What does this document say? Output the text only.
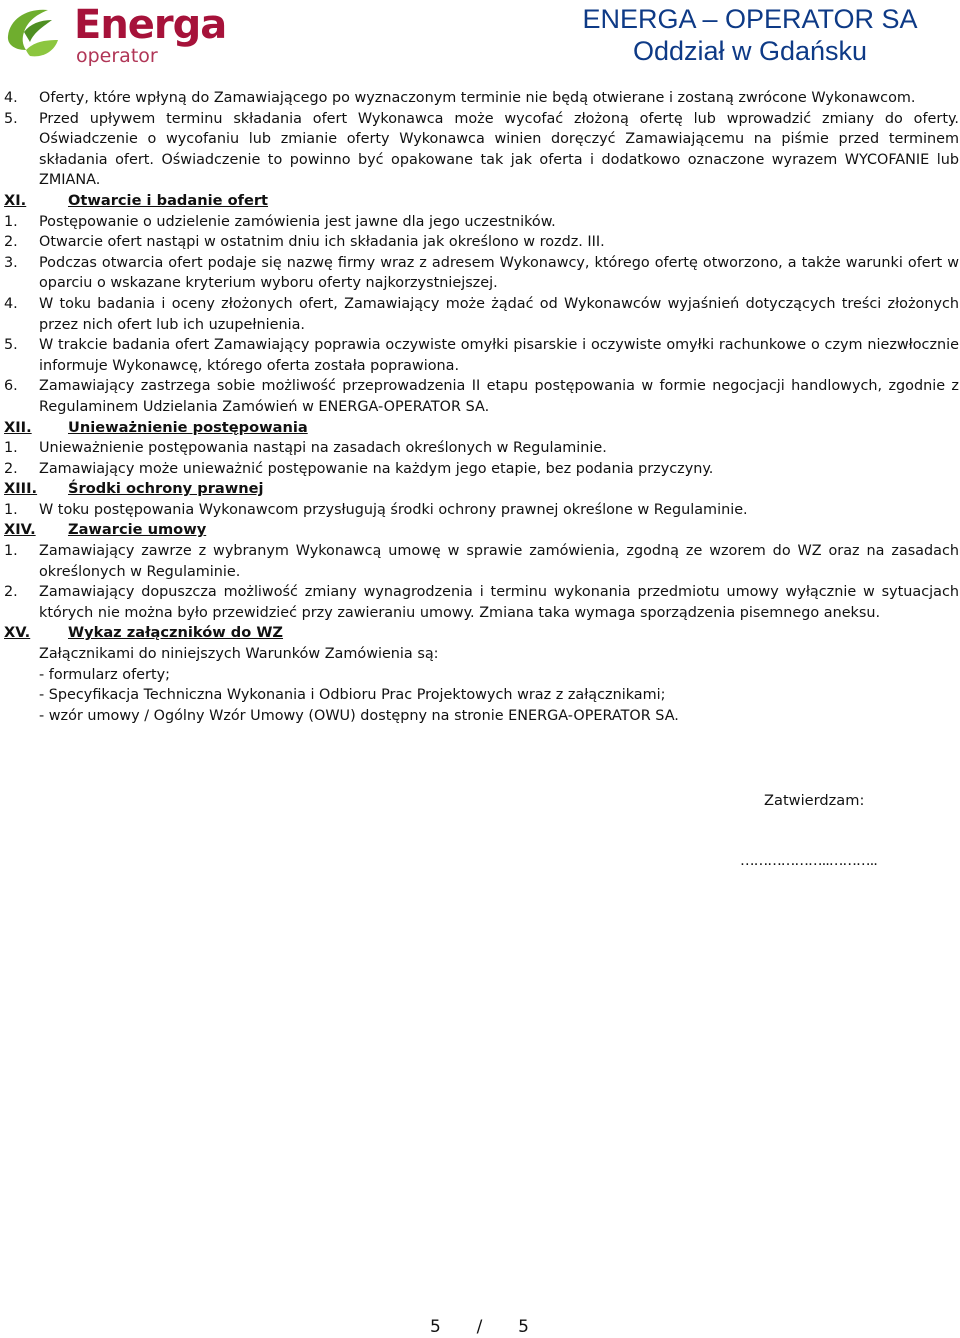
Energa
operator
ENERGA – OPERATOR SA
Oddział w Gdańsku
4. Oferty, które wpłyną do Zamawiającego po wyznaczonym terminie nie będą otwierane i zostaną zwrócone Wykonawcom.
5. Przed upływem terminu składania ofert Wykonawca może wycofać złożoną ofertę lub wprowadzić zmiany do oferty. Oświadczenie o wycofaniu lub zmianie oferty Wykonawca winien doręczyć Zamawiającemu na piśmie przed terminem składania ofert. Oświadczenie to powinno być opakowane tak jak oferta i dodatkowo oznaczone wyrazem WYCOFANIE lub ZMIANA.
XI.	Otwarcie i badanie ofert
1. Postępowanie o udzielenie zamówienia jest jawne dla jego uczestników.
2. Otwarcie ofert nastąpi w ostatnim dniu ich składania jak określono w rozdz. III.
3. Podczas otwarcia ofert podaje się nazwę firmy wraz z adresem Wykonawcy, którego ofertę otworzono, a także warunki ofert w oparciu o wskazane kryterium wyboru oferty najkorzystniejszej.
4. W toku badania i oceny złożonych ofert, Zamawiający może żądać od Wykonawców wyjaśnień dotyczących treści złożonych przez nich ofert lub ich uzupełnienia.
5. W trakcie badania ofert Zamawiający poprawia oczywiste omyłki pisarskie i oczywiste omyłki rachunkowe o czym niezwłocznie informuje Wykonawcę, którego oferta została poprawiona.
6. Zamawiający zastrzega sobie możliwość przeprowadzenia II etapu postępowania w formie negocjacji handlowych, zgodnie z Regulaminem Udzielania Zamówień w ENERGA-OPERATOR SA.
XII. Unieważnienie postępowania
1. Unieważnienie postępowania nastąpi na zasadach określonych w Regulaminie.
2. Zamawiający może unieważnić postępowanie na każdym jego etapie, bez podania przyczyny.
XIII. Środki ochrony prawnej
1. W toku postępowania Wykonawcom przysługują środki ochrony prawnej określone w Regulaminie.
XIV. Zawarcie umowy
1. Zamawiający zawrze z wybranym Wykonawcą umowę w sprawie zamówienia, zgodną ze wzorem do WZ oraz na zasadach określonych w Regulaminie.
2. Zamawiający dopuszcza możliwość zmiany wynagrodzenia i terminu wykonania przedmiotu umowy wyłącznie w sytuacjach których nie można było przewidzieć przy zawieraniu umowy. Zmiana taka wymaga sporządzenia pisemnego aneksu.
XV.	Wykaz załączników do WZ
Załącznikami do niniejszych Warunków Zamówienia są:
- formularz oferty;
- Specyfikacja Techniczna Wykonania i Odbioru Prac Projektowych wraz z załącznikami;
- wzór umowy / Ogólny Wzór Umowy (OWU) dostępny na stronie ENERGA-OPERATOR SA.
Zatwierdzam:
………………..………..
5 / 5
